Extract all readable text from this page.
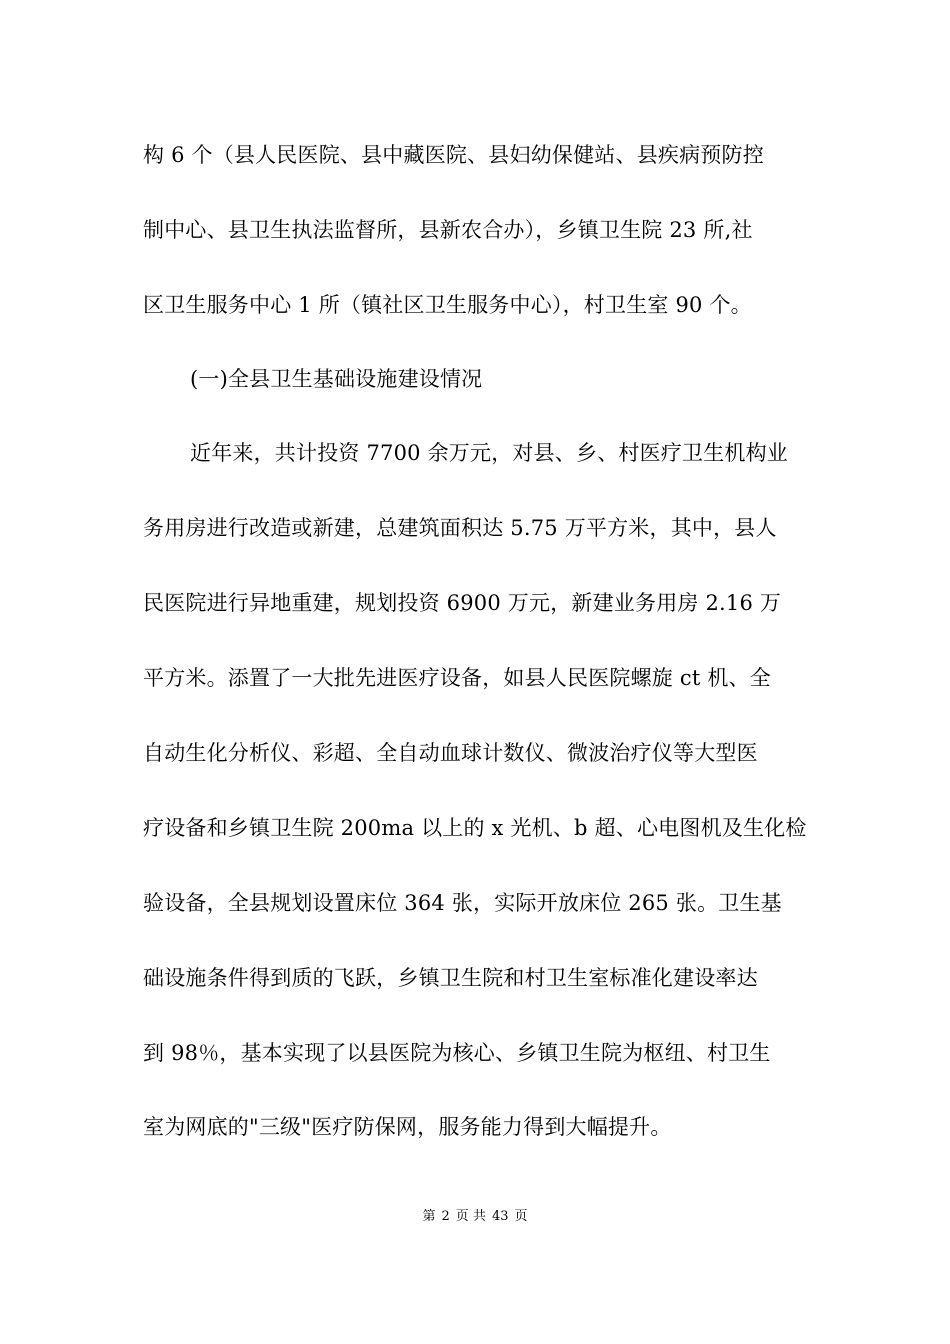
构 6 个（县人民医院、县中藏医院、县妇幼保健站、县疾病预防控
制中心、县卫生执法监督所，县新农合办），乡镇卫生院 23 所,社
区卫生服务中心 1 所（镇社区卫生服务中心），村卫生室 90 个。
(一)全县卫生基础设施建设情况
近年来，共计投资 7700 余万元，对县、乡、村医疗卫生机构业
务用房进行改造或新建，总建筑面积达 5.75 万平方米，其中，县人
民医院进行异地重建，规划投资 6900 万元，新建业务用房 2.16 万
平方米。添置了一大批先进医疗设备，如县人民医院螺旋 ct 机、全
自动生化分析仪、彩超、全自动血球计数仪、微波治疗仪等大型医
疗设备和乡镇卫生院 200ma 以上的 x 光机、b 超、心电图机及生化检
验设备，全县规划设置床位 364 张，实际开放床位 265 张。卫生基
础设施条件得到质的飞跃，乡镇卫生院和村卫生室标准化建设率达
到 98％，基本实现了以县医院为核心、乡镇卫生院为枢纽、村卫生
室为网底的"三级"医疗防保网，服务能力得到大幅提升。
第 2 页 共 43 页
